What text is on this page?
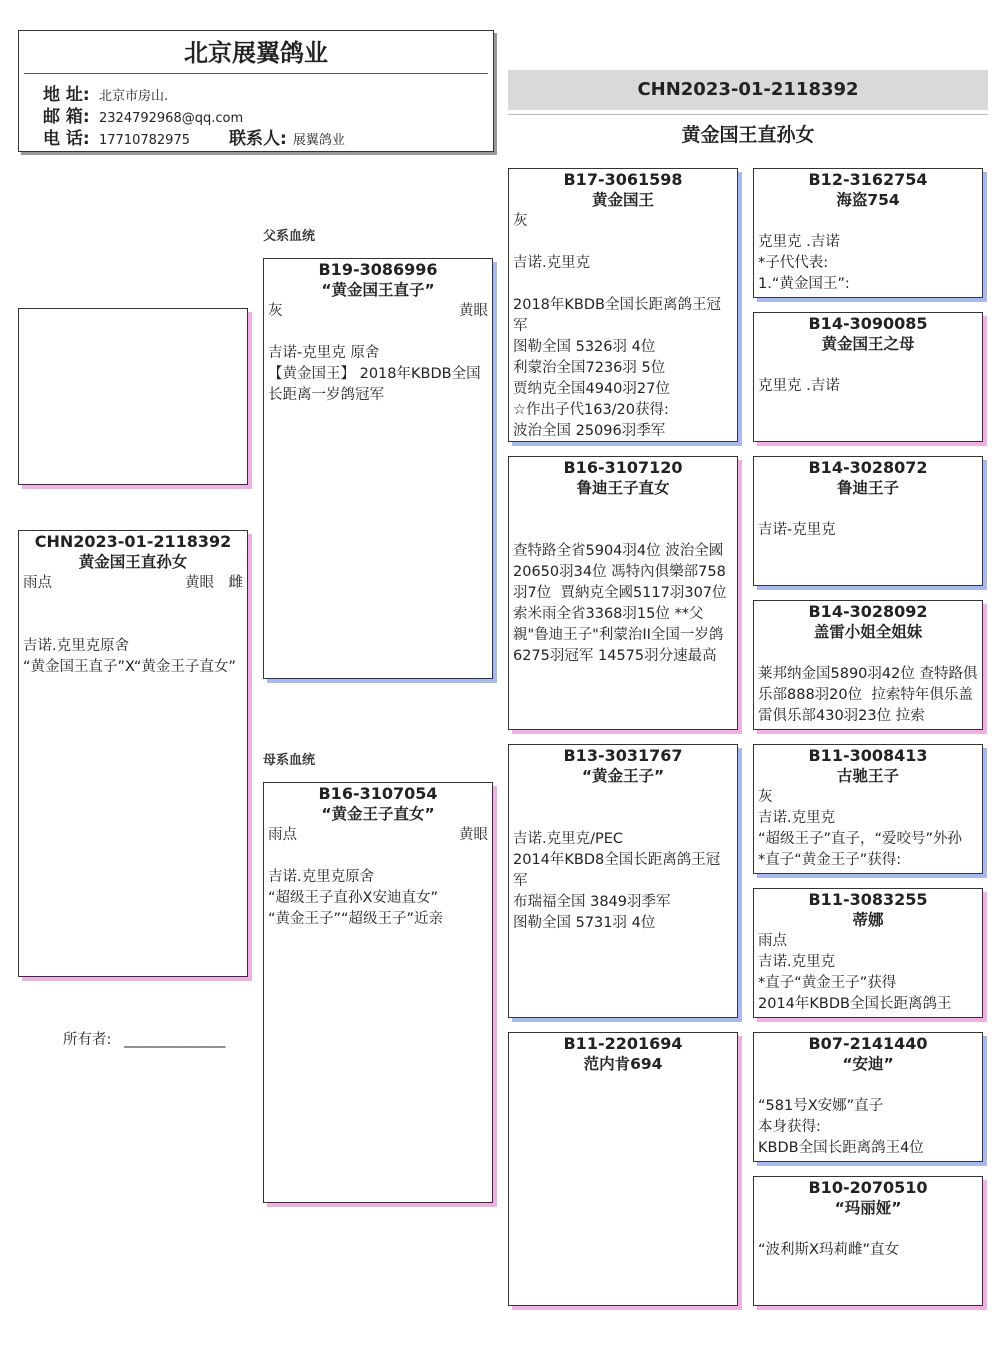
北京展翼鸽业
地 址: 北京市房山.
邮 箱: 2324792968@qq.com
电 话: 17710782975 联系人: 展翼鸽业
CHN2023-01-2118392
黄金国王直孙女
父系血统
母系血统
CHN2023-01-2118392
黄金国王直孙女
雨点	黄眼　雌
吉诺.克里克原舍
“黄金国王直子”X“黄金王子直女”
所有者: ______________
B19-3086996
“黄金国王直子”
灰	黄眼
吉诺-克里克 原舍
【黄金国王】 2018年KBDB全国长距离一岁鸽冠军
B16-3107054
“黄金王子直女”
雨点	黄眼
吉诺.克里克原舍
“超级王子直孙X安迪直女”
“黄金王子”“超级王子”近亲
B17-3061598
黄金国王
灰
吉诺.克里克
2018年KBDB全国长距离鸽王冠军
图勒全国 5326羽 4位
利蒙治全国7236羽 5位
贾纳克全国4940羽27位
☆作出子代163/20获得:
波治全国 25096羽季军
B16-3107120
鲁迪王子直女
查特路全省5904羽4位 波治全國20650羽34位 馮特內俱樂部758羽7位  賈納克全國5117羽307位  索米雨全省3368羽15位 **父親"鲁迪王子"利蒙治II全国一岁鸽 6275羽冠军 14575羽分速最高
B13-3031767
“黄金王子”
吉诺.克里克/PEC
2014年KBD8全国长距离鸽王冠军
布瑞福全国 3849羽季军
图勒全国 5731羽 4位
B11-2201694
范内肯694
B12-3162754
海盗754
克里克 .吉诺
*子代代表:
1.“黄金国王”:
B14-3090085
黄金国王之母
克里克 .吉诺
B14-3028072
鲁迪王子
吉诺-克里克
B14-3028092
盖雷小姐全姐妹
莱邦纳金国5890羽42位 查特路俱乐部888羽20位  拉索特年俱乐盖雷俱乐部430羽23位 拉索
B11-3008413
古驰王子
灰
吉诺.克里克
“超级王子”直子，“爱咬号”外孙
*直子“黄金王子”获得:
B11-3083255
蒂娜
雨点
吉诺.克里克
*直子“黄金王子”获得
2014年KBDB全国长距离鸽王
B07-2141440
“安迪”
“581号X安娜”直子
本身获得:
KBDB全国长距离鸽王4位
B10-2070510
“玛丽娅”
“波利斯X玛莉雌”直女
